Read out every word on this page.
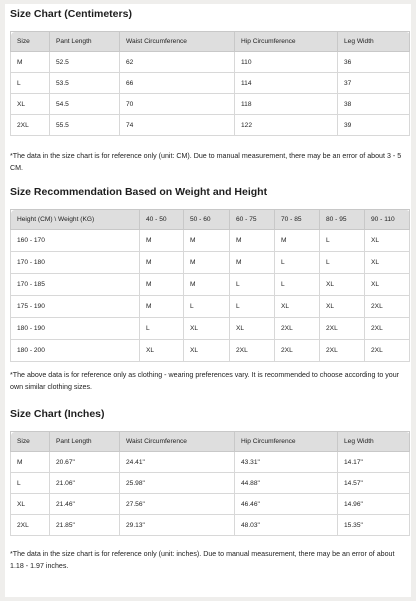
Size Chart (Centimeters)
Size	Pant Length	Waist Circumference	Hip Circumference	Leg Width
M	52.5	62	110	36
L	53.5	66	114	37
XL	54.5	70	118	38
2XL	55.5	74	122	39
*The data in the size chart is for reference only (unit: CM). Due to manual measurement, there may be an error of about 3 - 5 CM.
Size Recommendation Based on Weight and Height
Height (CM) \ Weight (KG)	40 - 50	50 - 60	60 - 75	70 - 85	80 - 95	90 - 110
160 - 170	M	M	M	M	L	XL
170 - 180	M	M	M	L	L	XL
170 - 185	M	M	L	L	XL	XL
175 - 190	M	L	L	XL	XL	2XL
180 - 190	L	XL	XL	2XL	2XL	2XL
180 - 200	XL	XL	2XL	2XL	2XL	2XL
*The above data is for reference only as clothing - wearing preferences vary. It is recommended to choose according to your own similar clothing sizes.
Size Chart (Inches)
Size	Pant Length	Waist Circumference	Hip Circumference	Leg Width
M	20.67"	24.41"	43.31"	14.17"
L	21.06"	25.98"	44.88"	14.57"
XL	21.46"	27.56"	46.46"	14.96"
2XL	21.85"	29.13"	48.03"	15.35"
*The data in the size chart is for reference only (unit: inches). Due to manual measurement, there may be an error of about 1.18 - 1.97 inches.
